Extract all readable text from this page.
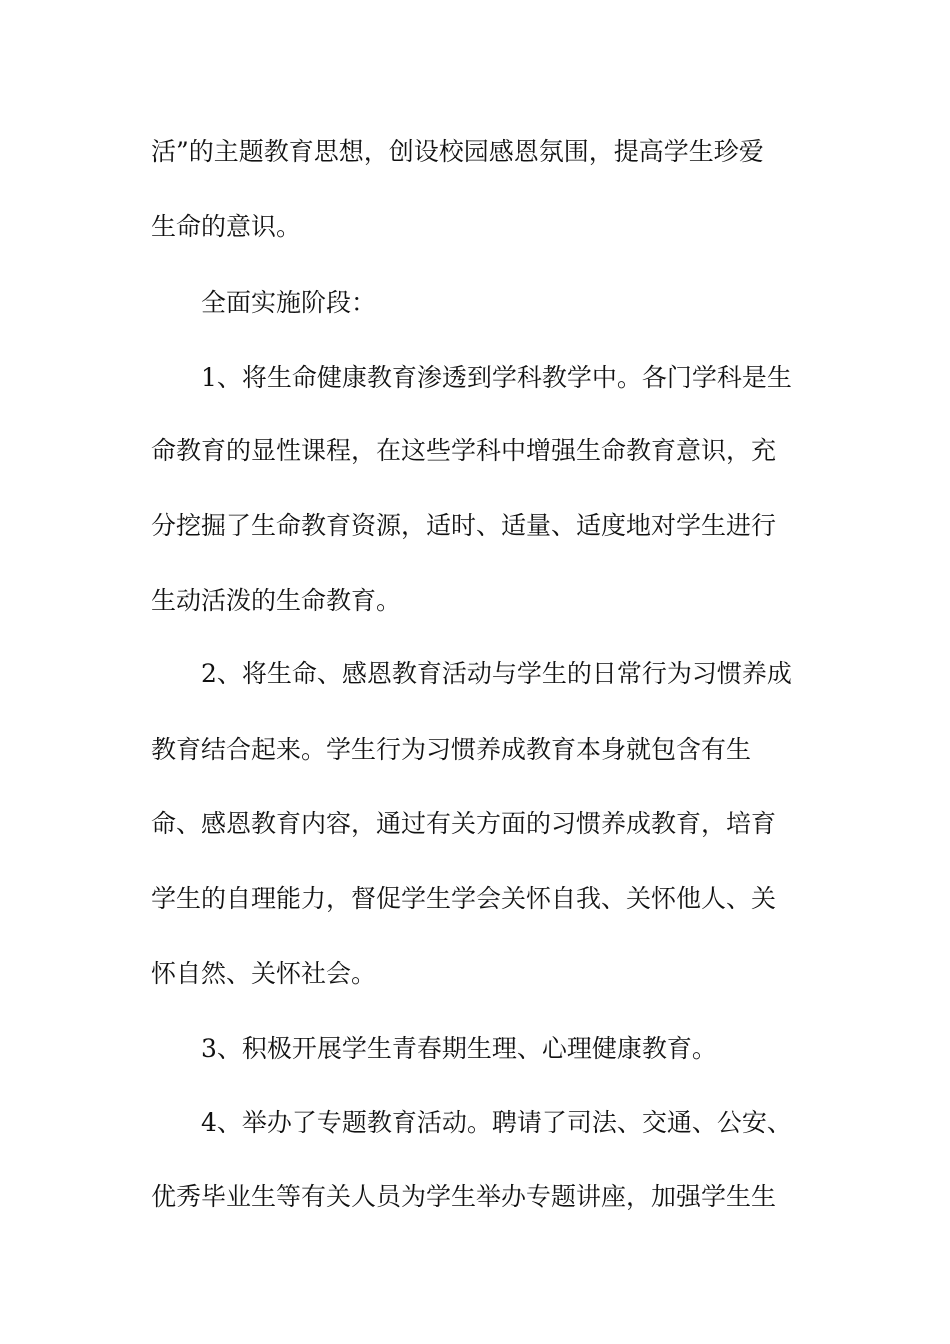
活”的主题教育思想，创设校园感恩氛围，提高学生珍爱

生命的意识。

全面实施阶段：

1、将生命健康教育渗透到学科教学中。各门学科是生

命教育的显性课程，在这些学科中增强生命教育意识，充

分挖掘了生命教育资源，适时、适量、适度地对学生进行

生动活泼的生命教育。

2、将生命、感恩教育活动与学生的日常行为习惯养成

教育结合起来。学生行为习惯养成教育本身就包含有生

命、感恩教育内容，通过有关方面的习惯养成教育，培育

学生的自理能力，督促学生学会关怀自我、关怀他人、关

怀自然、关怀社会。

3、积极开展学生青春期生理、心理健康教育。

4、举办了专题教育活动。聘请了司法、交通、公安、

优秀毕业生等有关人员为学生举办专题讲座，加强学生生
